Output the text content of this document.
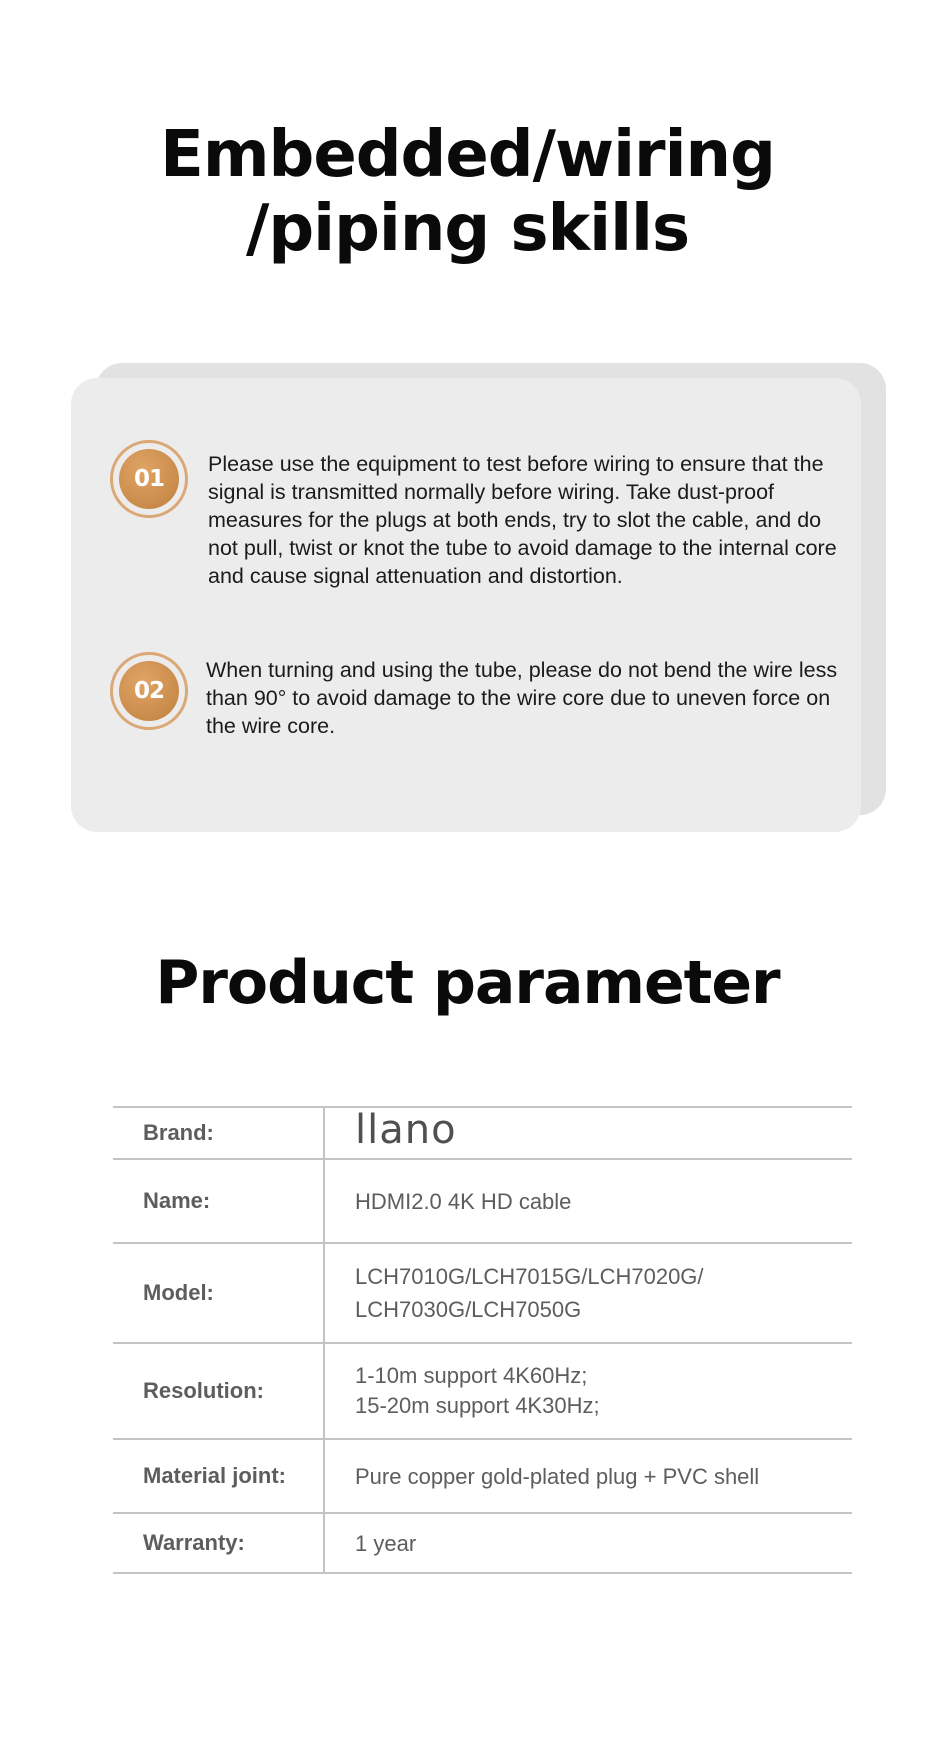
Embedded/wiring
/piping skills
01

Please use the equipment to test before wiring to ensure that the signal is transmitted normally before wiring. Take dust-proof measures for the plugs at both ends, try to slot the cable, and do not pull, twist or knot the tube to avoid damage to the internal core and cause signal attenuation and distortion.

02

When turning and using the tube, please do not bend the wire less than 90° to avoid damage to the wire core due to uneven force on the wire core.

Product parameter
Brand:	llano
Name:	HDMI2.0 4K HD cable
Model:	LCH7010G/LCH7015G/LCH7020G/
LCH7030G/LCH7050G
Resolution:	1-10m support 4K60Hz;
15-20m support 4K30Hz;
Material joint:	Pure copper gold-plated plug + PVC shell
Warranty:	1 year
